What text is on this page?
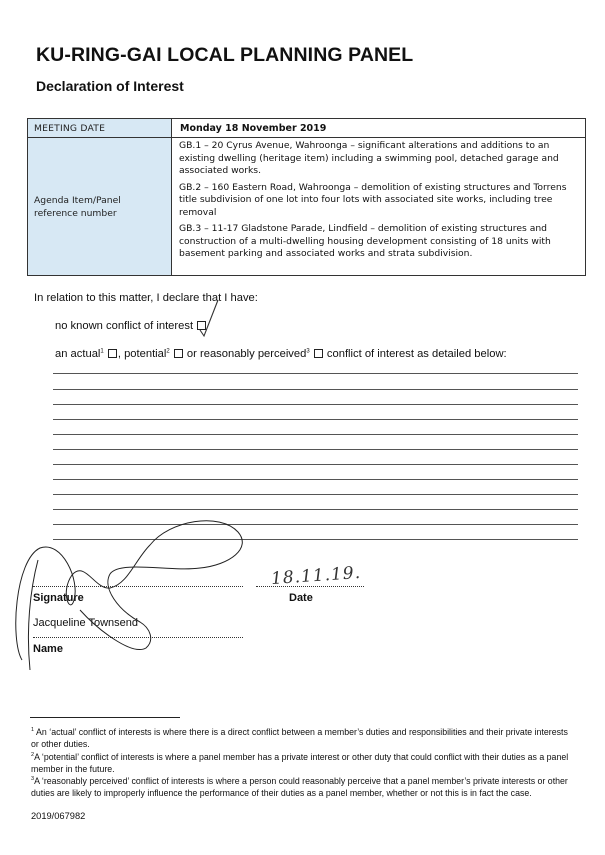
KU-RING-GAI LOCAL PLANNING PANEL
Declaration of Interest
MEETING DATE	Monday 18 November 2019
Agenda Item/Panel reference number	GB.1 – 20 Cyrus Avenue, Wahroonga – significant alterations and additions to an existing dwelling (heritage item) including a swimming pool, detached garage and associated works.
GB.2 – 160 Eastern Road, Wahroonga – demolition of existing structures and Torrens title subdivision of one lot into four lots with associated site works, including tree removal
GB.3 – 11-17 Gladstone Parade, Lindfield – demolition of existing structures and construction of a multi-dwelling housing development consisting of 18 units with basement parking and associated works and strata subdivision.
In relation to this matter, I declare that I have:
no known conflict of interest
an actual$^1$ , potential$^2$  or reasonably perceived$^3$  conflict of interest as detailed below:
Signature	Date
18.11.19.
Jacqueline Townsend
Name
$^1$ An ‘actual’ conflict of interests is where there is a direct conflict between a member’s duties and responsibilities and their private interests or other duties.
$^2$A ‘potential’ conflict of interests is where a panel member has a private interest or other duty that could conflict with their duties as a panel member in the future.
$^3$A ‘reasonably perceived’ conflict of interests is where a person could reasonably perceive that a panel member’s private interests or other duties are likely to improperly influence the performance of their duties as a panel member, whether or not this is in fact the case.
2019/067982
